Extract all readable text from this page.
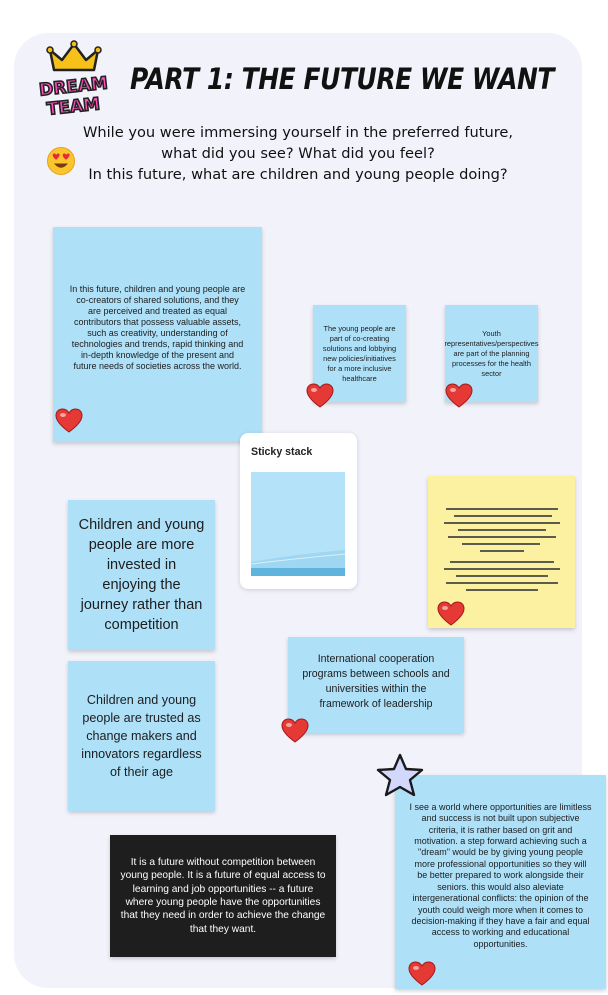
DREAM
TEAM
PART 1: THE FUTURE WE WANT
While you were immersing yourself in the preferred future,
what did you see? What did you feel?
In this future, what are children and young people doing?
In this future, children and young people are co-creators of shared solutions, and they are perceived and treated as equal contributors that possess valuable assets, such as creativity, understanding of technologies and trends, rapid thinking and in-depth knowledge of the present and future needs of societies across the world.
The young people are part of co-creating solutions and lobbying new policies/initiatives for a more inclusive healthcare
Youth representatives/perspectives are part of the planning processes for the health sector
Children and young people are more invested in enjoying the journey rather than competition
Children and young people are trusted as change makers and innovators regardless of their age
International cooperation programs between schools and universities within the framework of leadership
I see a world where opportunities are limitless and success is not built upon subjective criteria, it is rather based on grit and motivation. a step forward achieving such a "dream" would be by giving young people more professional opportunities so they will be better prepared to work alongside their seniors. this would also aleviate intergenerational conflicts: the opinion of the youth could weigh more when it comes to decision-making if they have a fair and equal access to working and educational opportunities.
It is a future without competition between young people. It is a future of equal access to learning and job opportunities -- a future where young people have the opportunities that they need in order to achieve the change that they want.
Sticky stack
